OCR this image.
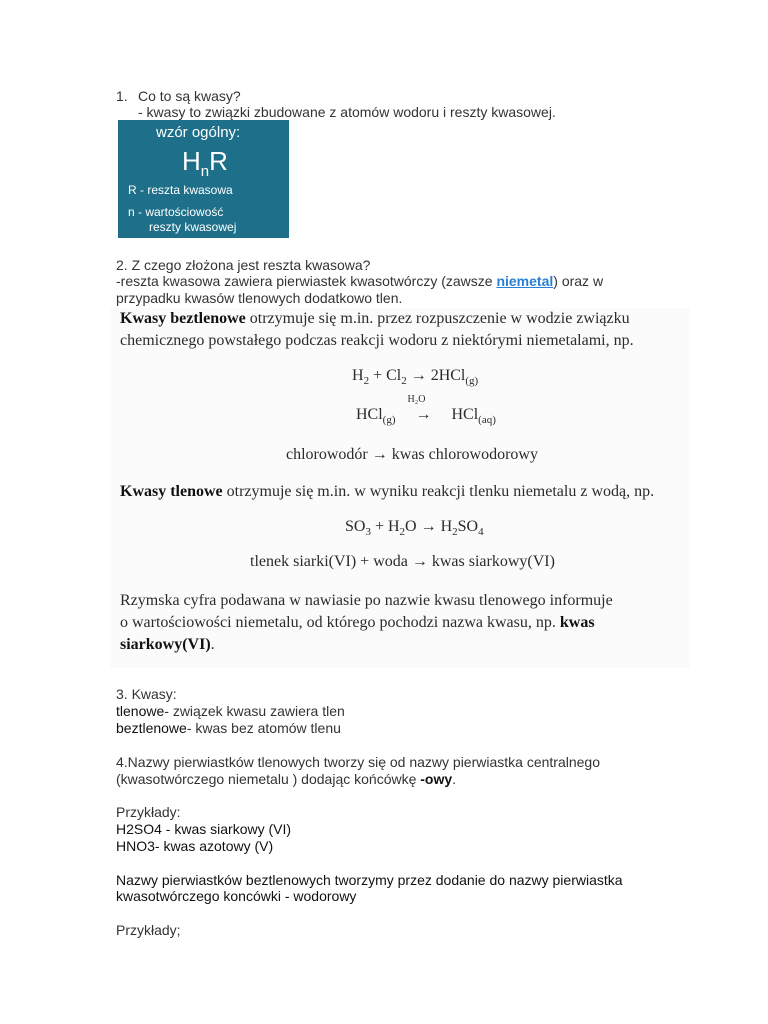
1. Co to są kwasy?
- kwasy to związki zbudowane z atomów wodoru i reszty kwasowej.
wzór ogólny:
$H_nR$
R - reszta kwasowa
n - wartościowość
reszty kwasowej
2. Z czego złożona jest reszta kwasowa?
-reszta kwasowa zawiera pierwiastek kwasotwórczy (zawsze niemetal) oraz w
przypadku kwasów tlenowych dodatkowo tlen.
Kwasy beztlenowe otrzymuje się m.in. przez rozpuszczenie w wodzie związku
chemicznego powstałego podczas reakcji wodoru z niektórymi niemetalami, np.
$H_2 + Cl_2 \to 2HCl_{(g)}$
HCl$_{(g)}$
H₂O
→ HCl$_{(aq)}$
chlorowodór → kwas chlorowodorowy
Kwasy tlenowe otrzymuje się m.in. w wyniku reakcji tlenku niemetalu z wodą, np.
$SO_3 + H_2O \to H_2SO_4$
tlenek siarki(VI) + woda → kwas siarkowy(VI)
Rzymska cyfra podawana w nawiasie po nazwie kwasu tlenowego informuje
o wartościowości niemetalu, od którego pochodzi nazwa kwasu, np. kwas
siarkowy(VI).
3. Kwasy:
tlenowe- związek kwasu zawiera tlen
beztlenowe- kwas bez atomów tlenu
4.Nazwy pierwiastków tlenowych tworzy się od nazwy pierwiastka centralnego
(kwasotwórczego niemetalu ) dodając końcówkę -owy.
Przykłady:
H2SO4 - kwas siarkowy (VI)
HNO3- kwas azotowy (V)
Nazwy pierwiastków beztlenowych tworzymy przez dodanie do nazwy pierwiastka
kwasotwórczego koncówki - wodorowy
Przykłady;
